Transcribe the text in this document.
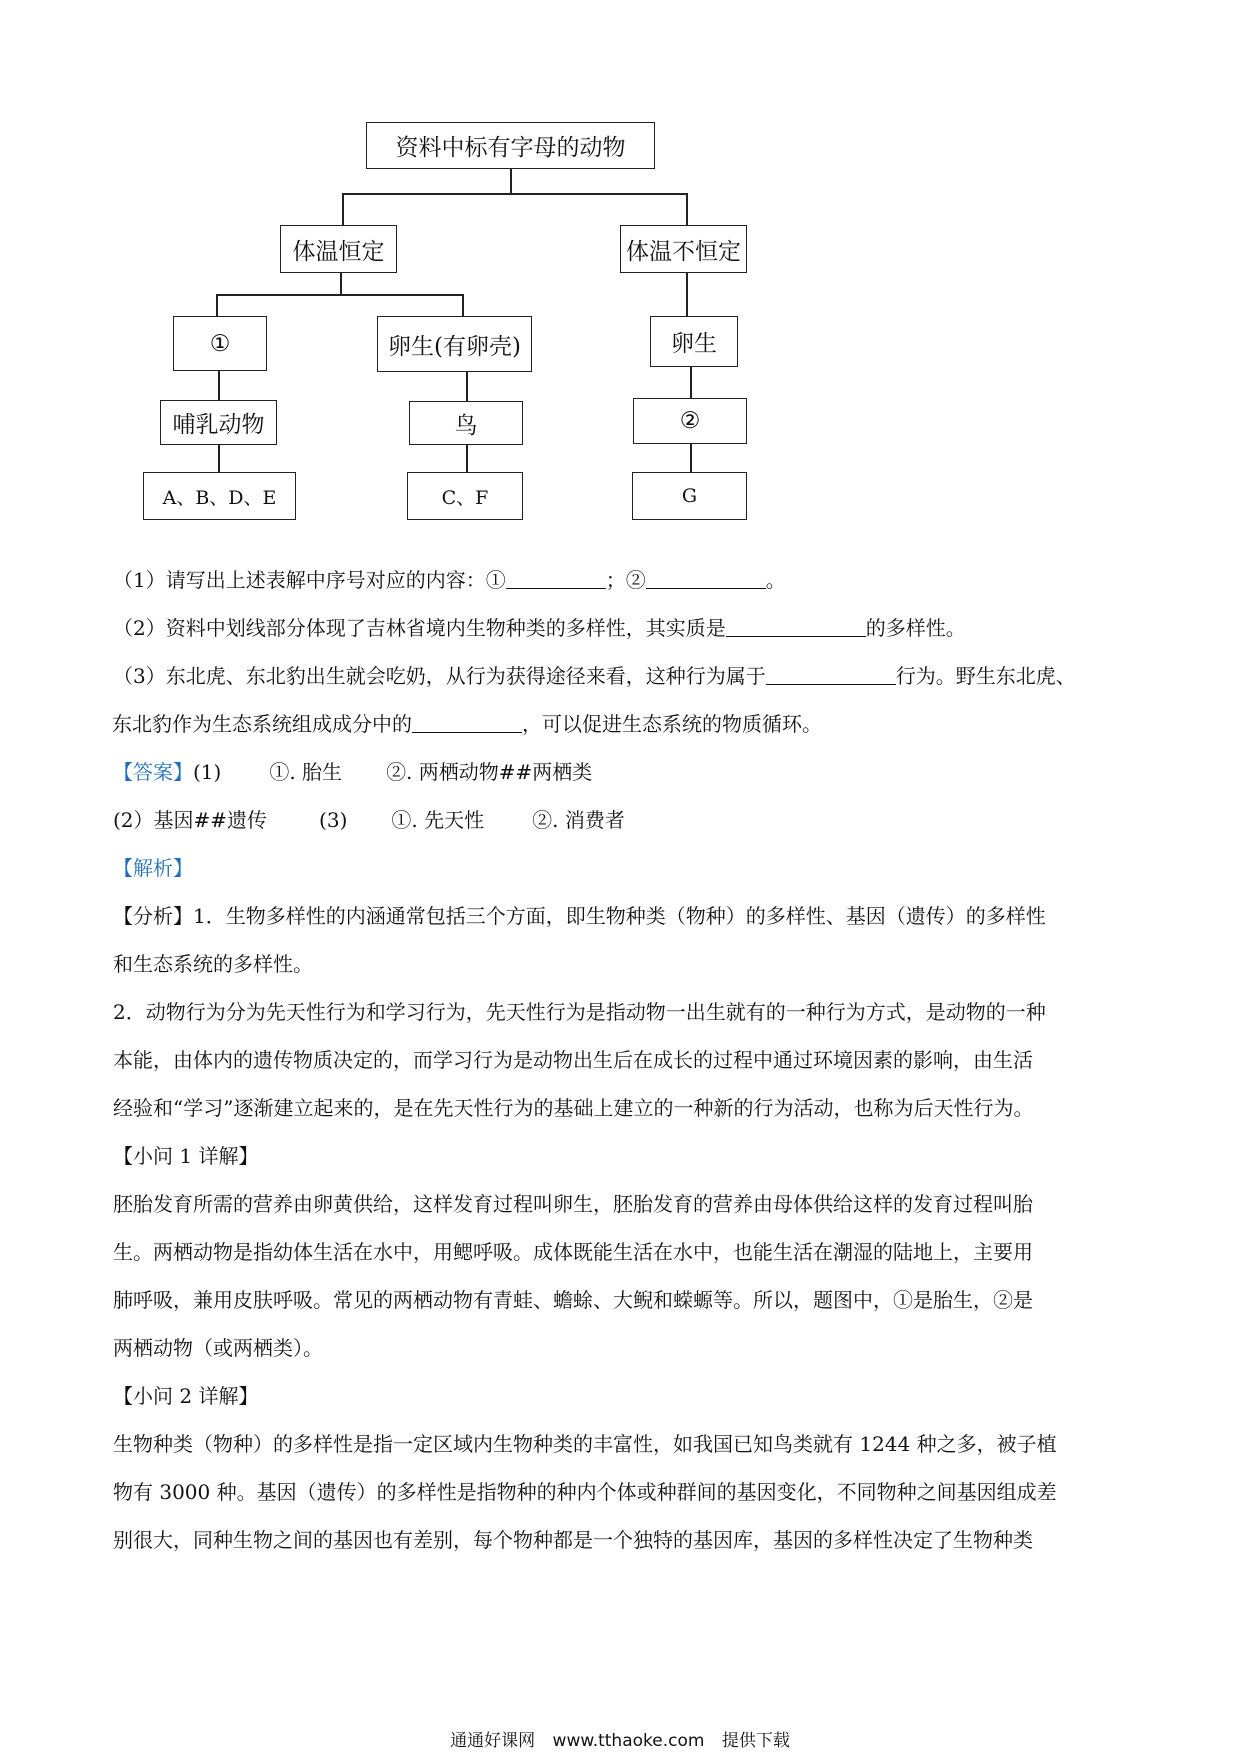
资料中标有字母的动物
体温恒定	体温不恒定
①	卵生(有卵壳)	卵生
哺乳动物	鸟	②
A、B、D、E	C、F	G

（1）请写出上述表解中序号对应的内容：①	；②	。

（2）资料中划线部分体现了吉林省境内生物种类的多样性，其实质是	的多样性。

（3）东北虎、东北豹出生就会吃奶，从行为获得途径来看，这种行为属于	行为。野生东北虎、

东北豹作为生态系统组成成分中的	，可以促进生态系统的物质循环。

【答案】(1) ①. 胎生 ②. 两栖动物##两栖类

(2）基因##遗传	(3) ①. 先天性 ②. 消费者

【解析】

【分析】1．生物多样性的内涵通常包括三个方面，即生物种类（物种）的多样性、基因（遗传）的多样性

和生态系统的多样性。

2．动物行为分为先天性行为和学习行为，先天性行为是指动物一出生就有的一种行为方式，是动物的一种

本能，由体内的遗传物质决定的，而学习行为是动物出生后在成长的过程中通过环境因素的影响，由生活

经验和“学习”逐渐建立起来的，是在先天性行为的基础上建立的一种新的行为活动，也称为后天性行为。

【小问 1 详解】

胚胎发育所需的营养由卵黄供给，这样发育过程叫卵生，胚胎发育的营养由母体供给这样的发育过程叫胎

生。两栖动物是指幼体生活在水中，用鳃呼吸。成体既能生活在水中，也能生活在潮湿的陆地上，主要用

肺呼吸，兼用皮肤呼吸。常见的两栖动物有青蛙、蟾蜍、大鲵和蝾螈等。所以，题图中，①是胎生，②是

两栖动物（或两栖类）。

【小问 2 详解】

生物种类（物种）的多样性是指一定区域内生物种类的丰富性，如我国已知鸟类就有 1244 种之多，被子植

物有 3000 种。基因（遗传）的多样性是指物种的种内个体或种群间的基因变化，不同物种之间基因组成差

别很大，同种生物之间的基因也有差别，每个物种都是一个独特的基因库，基因的多样性决定了生物种类

通通好课网 www.tthaoke.com 提供下载
